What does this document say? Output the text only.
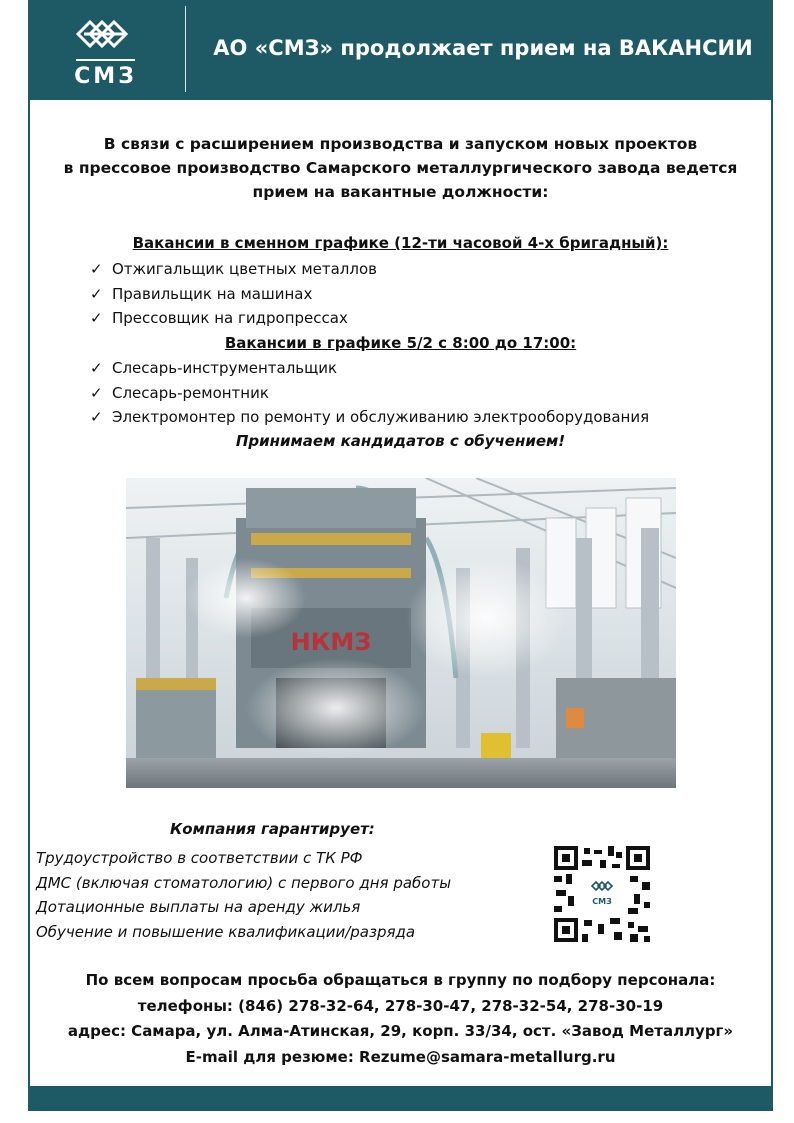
СМЗ
АО «СМЗ» продолжает прием на ВАКАНСИИ
В связи с расширением производства и запуском новых проектов
в прессовое производство Самарского металлургического завода ведется
прием на вакантные должности:
Вакансии в сменном графике (12-ти часовой 4-х бригадный):
✓ Отжигальщик цветных металлов
✓ Правильщик на машинах
✓ Прессовщик на гидропрессах
Вакансии в графике 5/2 с 8:00 до 17:00:
✓ Слесарь-инструментальщик
✓ Слесарь-ремонтник
✓ Электромонтер по ремонту и обслуживанию электрооборудования
Принимаем кандидатов с обучением!
НКМЗ
Компания гарантирует:
Трудоустройство в соответствии с ТК РФ
ДМС (включая стоматологию) с первого дня работы
Дотационные выплаты на аренду жилья
Обучение и повышение квалификации/разряда
СМЗ
По всем вопросам просьба обращаться в группу по подбору персонала:
телефоны: (846) 278-32-64, 278-30-47, 278-32-54, 278-30-19
адрес: Самара, ул. Алма-Атинская, 29, корп. 33/34, ост. «Завод Металлург»
E-mail для резюме: Rezume@samara-metallurg.ru
